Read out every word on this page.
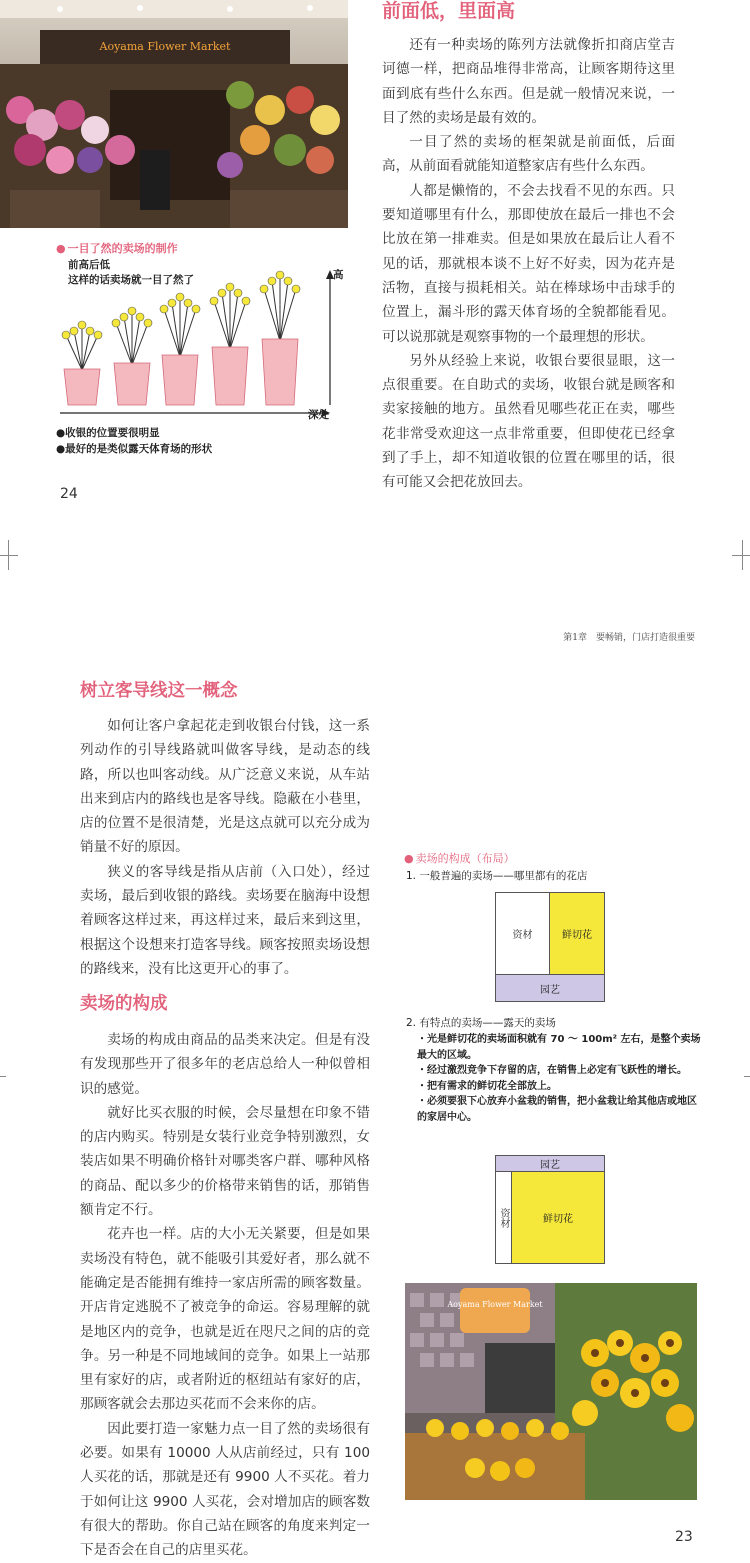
Aoyama Flower Market
● 一目了然的卖场的制作
前高后低
这样的话卖场就一目了然了	高
深处
●收银的位置要很明显
●最好的是类似露天体育场的形状
前面低，里面高

还有一种卖场的陈列方法就像折扣商店堂吉诃德一样，把商品堆得非常高，让顾客期待这里面到底有些什么东西。但是就一般情况来说，一目了然的卖场是最有效的。

一目了然的卖场的框架就是前面低，后面高，从前面看就能知道整家店有些什么东西。

人都是懒惰的，不会去找看不见的东西。只要知道哪里有什么，那即使放在最后一排也不会比放在第一排难卖。但是如果放在最后让人看不见的话，那就根本谈不上好不好卖，因为花卉是活物，直接与损耗相关。站在棒球场中击球手的位置上，漏斗形的露天体育场的全貌都能看见。可以说那就是观察事物的一个最理想的形状。

另外从经验上来说，收银台要很显眼，这一点很重要。在自助式的卖场，收银台就是顾客和卖家接触的地方。虽然看见哪些花正在卖，哪些花非常受欢迎这一点非常重要，但即使花已经拿到了手上，却不知道收银的位置在哪里的话，很有可能又会把花放回去。

24
第1章　要畅销，门店打造很重要
树立客导线这一概念

如何让客户拿起花走到收银台付钱，这一系列动作的引导线路就叫做客导线，是动态的线路，所以也叫客动线。从广泛意义来说，从车站出来到店内的路线也是客导线。隐蔽在小巷里，店的位置不是很清楚，光是这点就可以充分成为销量不好的原因。

狭义的客导线是指从店前（入口处），经过卖场，最后到收银的路线。卖场要在脑海中设想着顾客这样过来，再这样过来，最后来到这里，根据这个设想来打造客导线。顾客按照卖场设想的路线来，没有比这更开心的事了。

卖场的构成

卖场的构成由商品的品类来决定。但是有没有发现那些开了很多年的老店总给人一种似曾相识的感觉。

就好比买衣服的时候，会尽量想在印象不错的店内购买。特别是女装行业竞争特别激烈，女装店如果不明确价格针对哪类客户群、哪种风格的商品、配以多少的价格带来销售的话，那销售额肯定不行。

花卉也一样。店的大小无关紧要，但是如果卖场没有特色，就不能吸引其爱好者，那么就不能确定是否能拥有维持一家店所需的顾客数量。开店肯定逃脱不了被竞争的命运。容易理解的就是地区内的竞争，也就是近在咫尺之间的店的竞争。另一种是不同地域间的竞争。如果上一站那里有家好的店，或者附近的枢纽站有家好的店，那顾客就会去那边买花而不会来你的店。

因此要打造一家魅力点一目了然的卖场很有必要。如果有 10000 人从店前经过，只有 100 人买花的话，那就是还有 9900 人不买花。着力于如何让这 9900 人买花，会对增加店的顾客数有很大的帮助。你自己站在顾客的角度来判定一下是否会在自己的店里买花。

● 卖场的构成（布局）
1. 一般普遍的卖场——哪里都有的花店
资材	鲜切花
园艺
2. 有特点的卖场——露天的卖场
・光是鲜切花的卖场面积就有 70 ～ 100m² 左右，是整个卖场最大的区域。
・经过激烈竞争下存留的店，在销售上必定有飞跃性的增长。
・把有需求的鲜切花全部放上。
・必须要狠下心放弃小盆栽的销售，把小盆栽让给其他店或地区的家居中心。
园艺
资材	鲜切花
Aoyama Flower Market
23
